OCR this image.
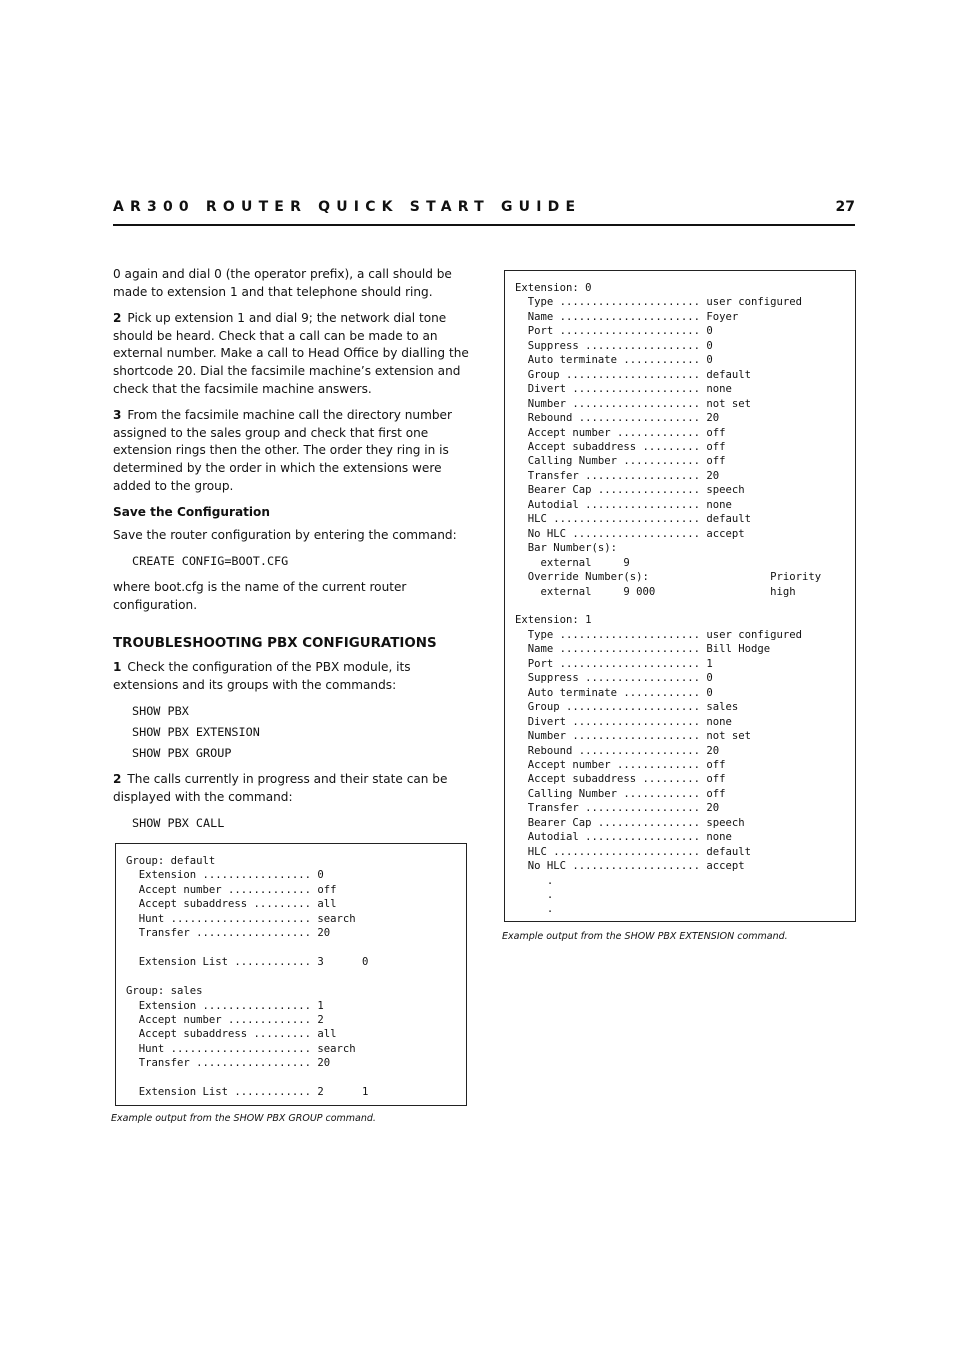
AR300 ROUTER QUICK START GUIDE	27

0 again and dial 0 (the operator prefix), a call should be made to extension 1 and that telephone should ring.

2 Pick up extension 1 and dial 9; the network dial tone should be heard. Check that a call can be made to an external number. Make a call to Head Office by dialling the shortcode 20. Dial the facsimile machine’s extension and check that the facsimile machine answers.

3 From the facsimile machine call the directory number assigned to the sales group and check that first one extension rings then the other. The order they ring in is determined by the order in which the extensions were added to the group.

Save the Configuration

Save the router configuration by entering the command:

CREATE CONFIG=BOOT.CFG

where boot.cfg is the name of the current router configuration.

TROUBLESHOOTING PBX CONFIGURATIONS

1 Check the configuration of the PBX module, its extensions and its groups with the commands:

SHOW PBX
SHOW PBX EXTENSION
SHOW PBX GROUP

2 The calls currently in progress and their state can be displayed with the command:

SHOW PBX CALL
Extension: 0
Type ...................... user configured
Name ...................... Foyer
Port ...................... 0
Suppress .................. 0
Auto terminate ............ 0
Group ..................... default
Divert .................... none
Number .................... not set
Rebound ................... 20
Accept number ............. off
Accept subaddress ......... off
Calling Number ............ off
Transfer .................. 20
Bearer Cap ................ speech
Autodial .................. none
HLC ....................... default
No HLC .................... accept
Bar Number(s):
external     9
Override Number(s):                   Priority
external     9 000                  high

Extension: 1
Type ...................... user configured
Name ...................... Bill Hodge
Port ...................... 1
Suppress .................. 0
Auto terminate ............ 0
Group ..................... sales
Divert .................... none
Number .................... not set
Rebound ................... 20
Accept number ............. off
Accept subaddress ......... off
Calling Number ............ off
Transfer .................. 20
Bearer Cap ................ speech
Autodial .................. none
HLC ....................... default
No HLC .................... accept
.
.
.
Example output from the SHOW PBX EXTENSION command.
Group: default
Extension ................. 0
Accept number ............. off
Accept subaddress ......... all
Hunt ...................... search
Transfer .................. 20

Extension List ............ 3      0

Group: sales
Extension ................. 1
Accept number ............. 2
Accept subaddress ......... all
Hunt ...................... search
Transfer .................. 20

Extension List ............ 2      1
Example output from the SHOW PBX GROUP command.
